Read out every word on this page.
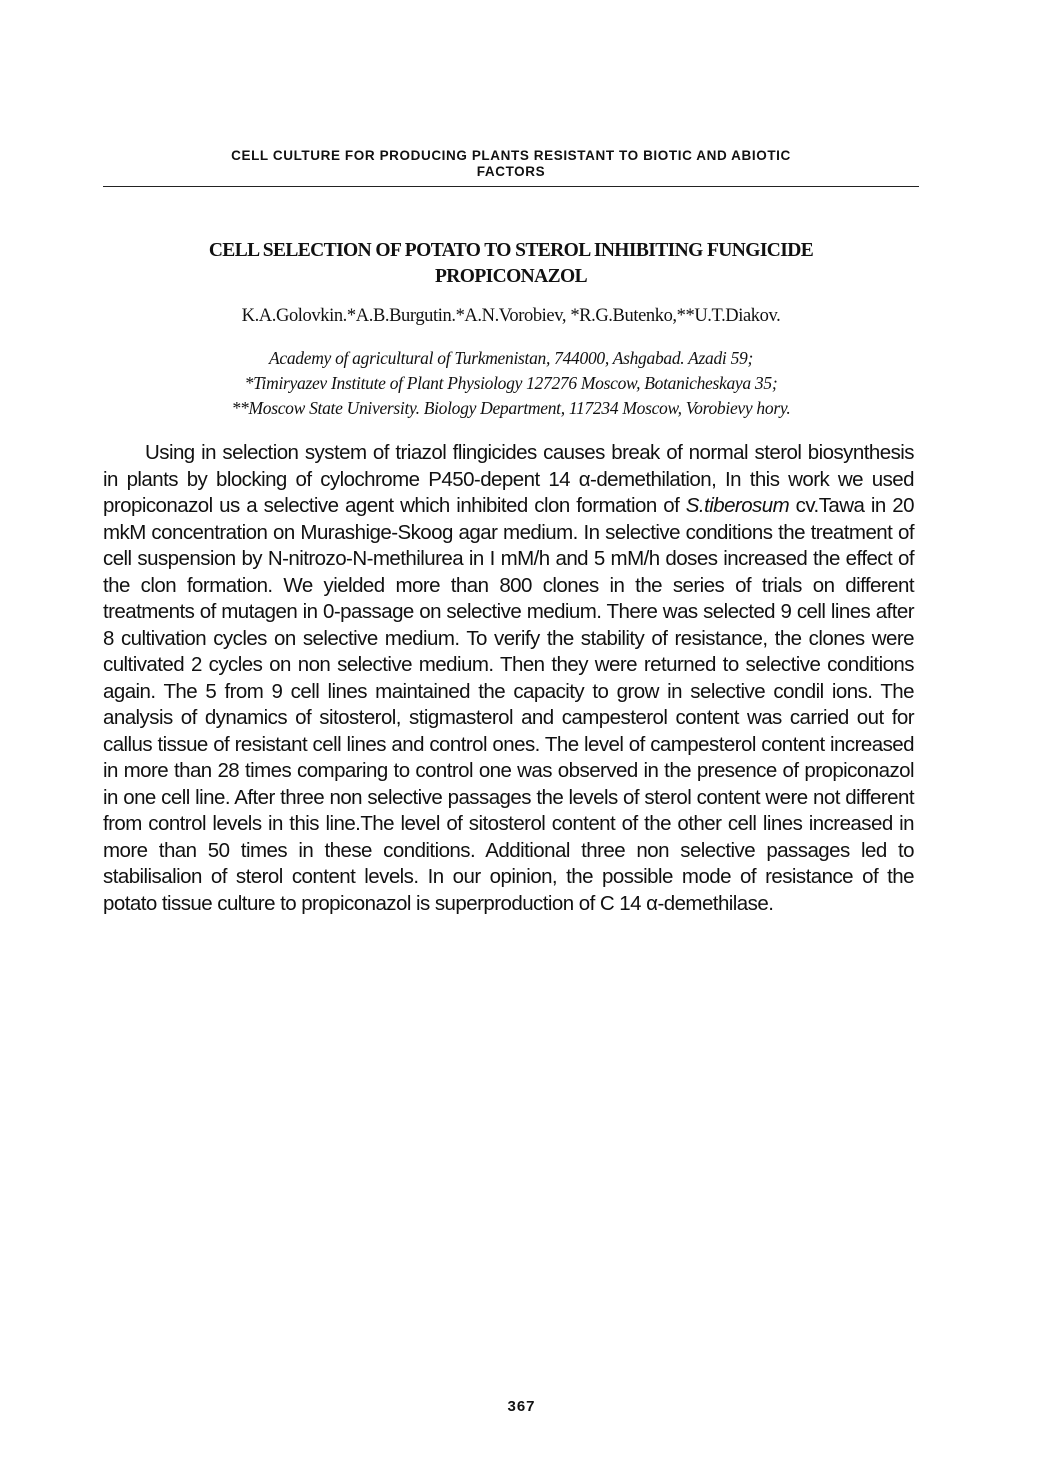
CELL CULTURE FOR PRODUCING PLANTS RESISTANT TO BIOTIC AND ABIOTIC
FACTORS
CELL SELECTION OF POTATO TO STEROL INHIBITING FUNGICIDE
PROPICONAZOL
K.A.Golovkin.*A.B.Burgutin.*A.N.Vorobiev, *R.G.Butenko,**U.T.Diakov.
Academy of agricultural of Turkmenistan, 744000, Ashgabad. Azadi 59;
*Timiryazev Institute of Plant Physiology 127276 Moscow, Botanicheskaya 35;
**Moscow State University. Biology Department, 117234 Moscow, Vorobievy hory.

Using in selection system of triazol flingicides causes break of normal sterol biosynthesis in plants by blocking of cylochrome P450-depent 14 α-demethilation, In this work we used propiconazol us a selective agent which inhibited clon formation of S.tiberosum cv.Tawa in 20 mkM concentration on Murashige-Skoog agar medium. In selective conditions the treatment of cell suspension by N-nitrozo-N-methilurea in I mM/h and 5 mM/h doses increased the effect of the clon formation. We yielded more than 800 clones in the series of trials on different treatments of mutagen in 0-passage on selective medium. There was selected 9 cell lines after 8 cultivation cycles on selective medium. To verify the stability of resistance, the clones were cultivated 2 cycles on non selective medium. Then they were returned to selective conditions again. The 5 from 9 cell lines maintained the capacity to grow in selective condil ions. The analysis of dynamics of sitosterol, stigmasterol and campesterol content was carried out for callus tissue of resistant cell lines and control ones. The level of campesterol content increased in more than 28 times comparing to control one was observed in the presence of propiconazol in one cell line. After three non selective passages the levels of sterol content were not different from control levels in this line.The level of sitosterol content of the other cell lines increased in more than 50 times in these conditions. Additional three non selective passages led to stabilisalion of sterol content levels. In our opinion, the possible mode of resistance of the potato tissue culture to propiconazol is superproduction of C 14 α-demethilase.

367
